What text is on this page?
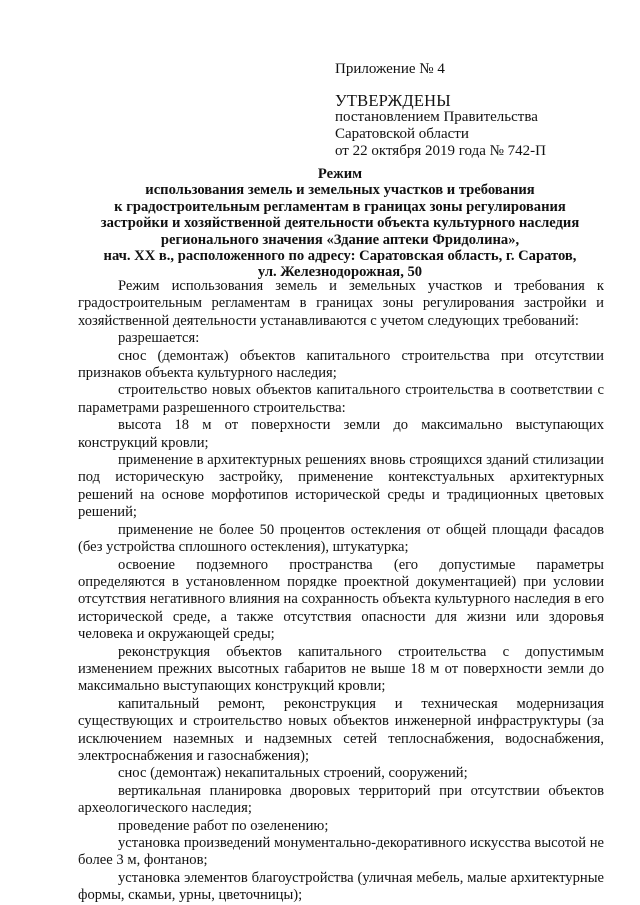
Приложение № 4
УТВЕРЖДЕНЫ
постановлением Правительства
Саратовской области
от 22 октября 2019 года № 742-П
Режим
использования земель и земельных участков и требования
к градостроительным регламентам в границах зоны регулирования
застройки и хозяйственной деятельности объекта культурного наследия
регионального значения «Здание аптеки Фридолина»,
нач. XX в., расположенного по адресу: Саратовская область, г. Саратов,
ул. Железнодорожная, 50

Режим использования земель и земельных участков и требования к градостроительным регламентам в границах зоны регулирования застройки и хозяйственной деятельности устанавливаются с учетом следующих требований:

разрешается:

снос (демонтаж) объектов капитального строительства при отсутствии признаков объекта культурного наследия;

строительство новых объектов капитального строительства в соответствии с параметрами разрешенного строительства:

высота 18 м от поверхности земли до максимально выступающих конструкций кровли;

применение в архитектурных решениях вновь строящихся зданий стилизации под историческую застройку, применение контекстуальных архитектурных решений на основе морфотипов исторической среды и традиционных цветовых решений;

применение не более 50 процентов остекления от общей площади фасадов (без устройства сплошного остекления), штукатурка;

освоение подземного пространства (его допустимые параметры определяются в установленном порядке проектной документацией) при условии отсутствия негативного влияния на сохранность объекта культурного наследия в его исторической среде, а также отсутствия опасности для жизни или здоровья человека и окружающей среды;

реконструкция объектов капитального строительства с допустимым изменением прежних высотных габаритов не выше 18 м от поверхности земли до максимально выступающих конструкций кровли;

капитальный ремонт, реконструкция и техническая модернизация существующих и строительство новых объектов инженерной инфраструктуры (за исключением наземных и надземных сетей теплоснабжения, водоснабжения, электроснабжения и газоснабжения);

снос (демонтаж) некапитальных строений, сооружений;

вертикальная планировка дворовых территорий при отсутствии объектов археологического наследия;

проведение работ по озеленению;

установка произведений монументально-декоративного искусства высотой не более 3 м, фонтанов;

установка элементов благоустройства (уличная мебель, малые архитектурные формы, скамьи, урны, цветочницы);
